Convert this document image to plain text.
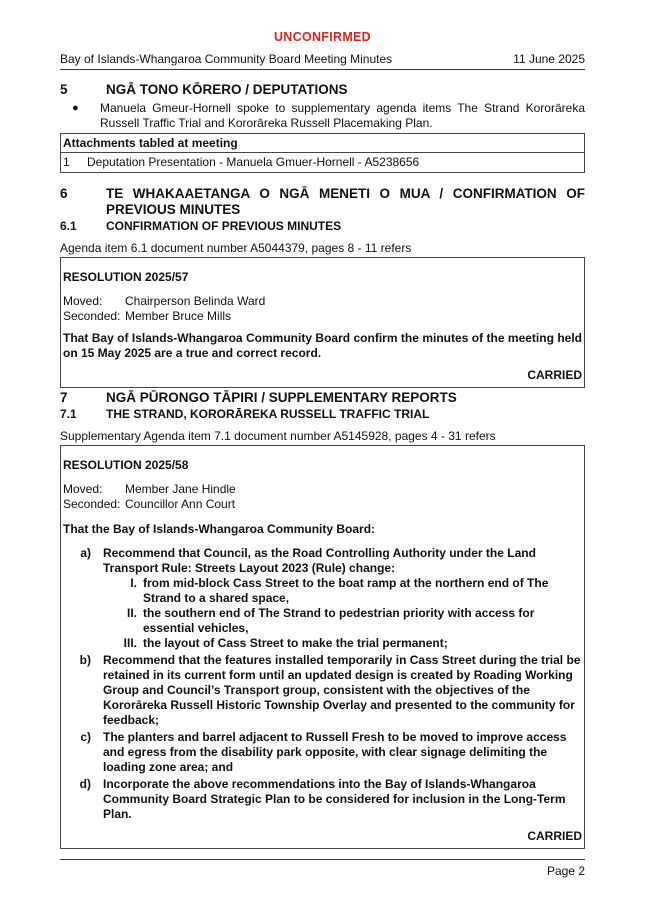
UNCONFIRMED
Bay of Islands-Whangaroa Community Board Meeting Minutes	11 June 2025
5	NGĀ TONO KŌRERO / DEPUTATIONS
●	Manuela Gmeur-Hornell spoke to supplementary agenda items The Strand Kororāreka Russell Traffic Trial and Kororāreka Russell Placemaking Plan.
Attachments tabled at meeting
1	Deputation Presentation - Manuela Gmuer-Hornell - A5238656
6	TE WHAKAAETANGA O NGĀ MENETI O MUA / CONFIRMATION OF PREVIOUS MINUTES
6.1	CONFIRMATION OF PREVIOUS MINUTES
Agenda item 6.1 document number A5044379, pages 8 - 11 refers
RESOLUTION 2025/57
Moved:	Chairperson Belinda Ward
Seconded: Member Bruce Mills
That Bay of Islands-Whangaroa Community Board confirm the minutes of the meeting held on 15 May 2025 are a true and correct record.
CARRIED
7	NGĀ PŪRONGO TĀPIRI / SUPPLEMENTARY REPORTS
7.1	THE STRAND, KORORĀREKA RUSSELL TRAFFIC TRIAL
Supplementary Agenda item 7.1 document number A5145928, pages 4 - 31 refers
RESOLUTION 2025/58
Moved:	Member Jane Hindle
Seconded: Councillor Ann Court
That the Bay of Islands-Whangaroa Community Board:
a)	Recommend that Council, as the Road Controlling Authority under the Land Transport Rule: Streets Layout 2023 (Rule) change:
I. from mid-block Cass Street to the boat ramp at the northern end of The Strand to a shared space,
II. the southern end of The Strand to pedestrian priority with access for essential vehicles,
III. the layout of Cass Street to make the trial permanent;
b)	Recommend that the features installed temporarily in Cass Street during the trial be retained in its current form until an updated design is created by Roading Working Group and Council’s Transport group, consistent with the objectives of the Kororāreka Russell Historic Township Overlay and presented to the community for feedback;
c)	The planters and barrel adjacent to Russell Fresh to be moved to improve access and egress from the disability park opposite, with clear signage delimiting the loading zone area; and
d)	Incorporate the above recommendations into the Bay of Islands-Whangaroa Community Board Strategic Plan to be considered for inclusion in the Long-Term Plan.
CARRIED
Page 2
